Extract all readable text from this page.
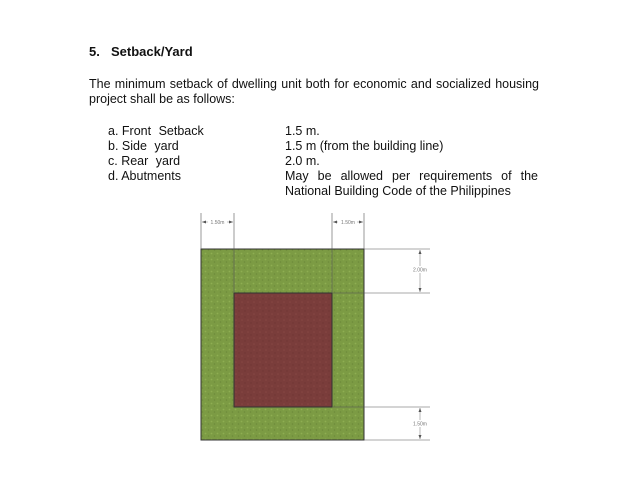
5. Setback/Yard
The minimum setback of dwelling unit both for economic and socialized housing project shall be as follows:
a. Front Setback	1.5 m.
b. Side yard	1.5 m (from the building line)
c. Rear yard	2.0 m.
d. Abutments	May be allowed per requirements of the National Building Code of the Philippines
1.50m	1.50m
2.00m
1.50m
